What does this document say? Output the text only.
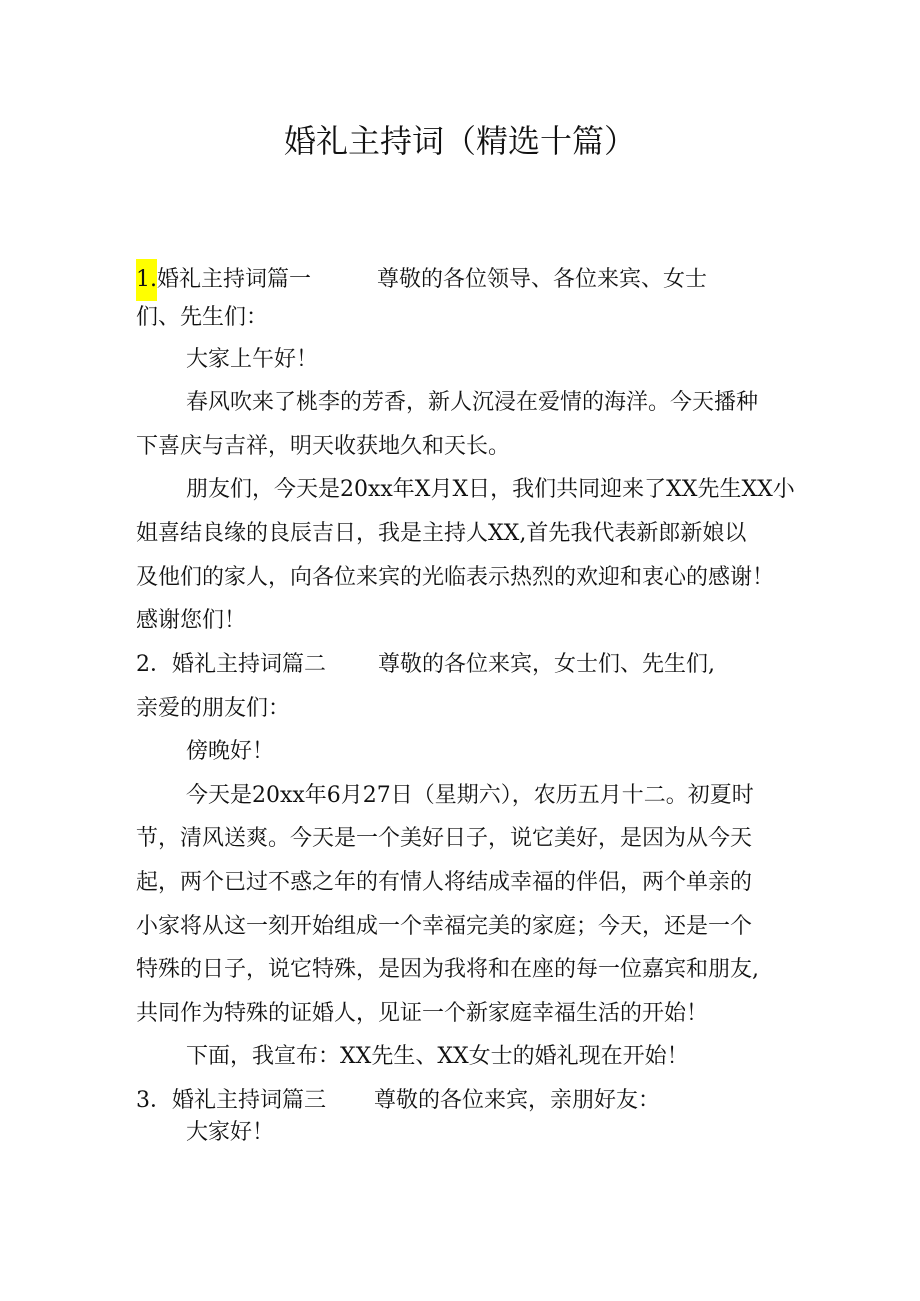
婚礼主持词（精选十篇）
1.婚礼主持词篇一	尊敬的各位领导、各位来宾、女士
们、先生们：
大家上午好！
春风吹来了桃李的芳香，新人沉浸在爱情的海洋。今天播种
下喜庆与吉祥，明天收获地久和天长。
朋友们，今天是20xx年X月X日，我们共同迎来了XX先生XX小
姐喜结良缘的良辰吉日，我是主持人XX,首先我代表新郎新娘以
及他们的家人，向各位来宾的光临表示热烈的欢迎和衷心的感谢！
感谢您们！
2．婚礼主持词篇二 尊敬的各位来宾，女士们、先生们,
亲爱的朋友们：
傍晚好！
今天是20xx年6月27日（星期六），农历五月十二。初夏时
节，清风送爽。今天是一个美好日子，说它美好，是因为从今天
起，两个已过不惑之年的有情人将结成幸福的伴侣，两个单亲的
小家将从这一刻开始组成一个幸福完美的家庭；今天，还是一个
特殊的日子，说它特殊，是因为我将和在座的每一位嘉宾和朋友,
共同作为特殊的证婚人，见证一个新家庭幸福生活的开始！
下面，我宣布：XX先生、XX女士的婚礼现在开始！
3．婚礼主持词篇三 尊敬的各位来宾，亲朋好友：
大家好！
